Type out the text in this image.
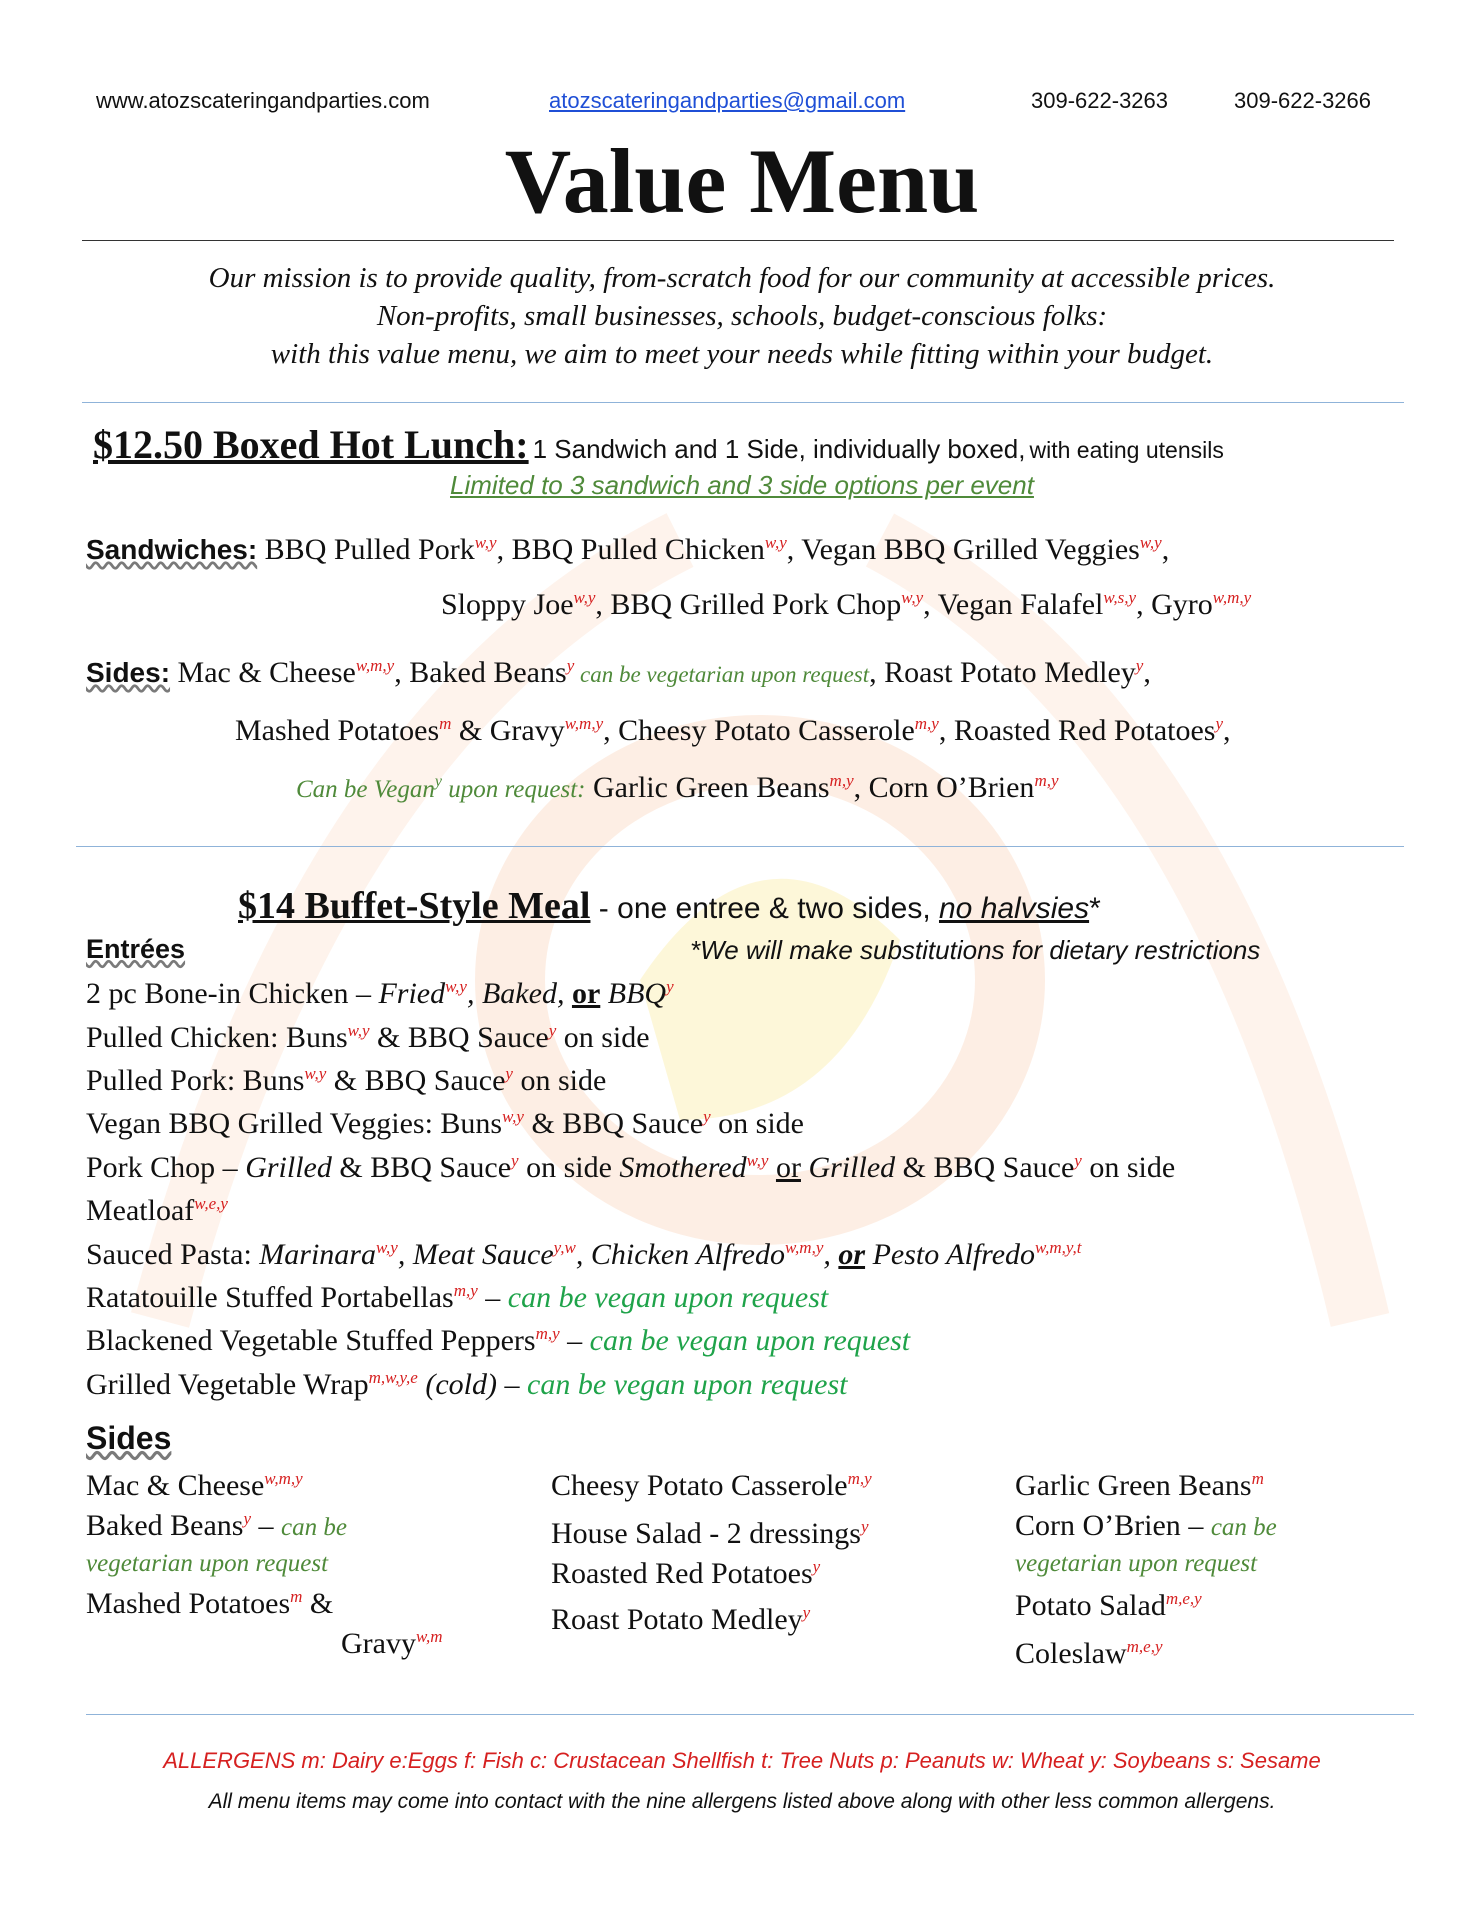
www.atozscateringandparties.com	atozscateringandparties@gmail.com	309-622-3263	309-622-3266
Value Menu
Our mission is to provide quality, from-scratch food for our community at accessible prices.
Non-profits, small businesses, schools, budget-conscious folks:
with this value menu, we aim to meet your needs while fitting within your budget.
$12.50 Boxed Hot Lunch: 1 Sandwich and 1 Side, individually boxed, with eating utensils
Limited to 3 sandwich and 3 side options per event
Sandwiches: BBQ Pulled Pork$^{w,y}$, BBQ Pulled Chicken$^{w,y}$, Vegan BBQ Grilled Veggies$^{w,y}$,
Sloppy Joe$^{w,y}$, BBQ Grilled Pork Chop$^{w,y}$, Vegan Falafel$^{w,s,y}$, Gyro$^{w,m,y}$
Sides: Mac & Cheese$^{w,m,y}$, Baked Beans$^y$ can be vegetarian upon request, Roast Potato Medley$^y$,
Mashed Potatoes$^m$ & Gravy$^{w,m,y}$, Cheesy Potato Casserole$^{m,y}$, Roasted Red Potatoes$^y$,
Can be Vegan$^y$ upon request: Garlic Green Beans$^{m,y}$, Corn O’Brien$^{m,y}$
$14 Buffet-Style Meal - one entree & two sides, no halvsies*
Entrées	*We will make substitutions for dietary restrictions
2 pc Bone-in Chicken – Fried$^{w,y}$, Baked, or BBQ$^y$
Pulled Chicken: Buns$^{w,y}$ & BBQ Sauce$^y$ on side
Pulled Pork: Buns$^{w,y}$ & BBQ Sauce$^y$ on side
Vegan BBQ Grilled Veggies: Buns$^{w,y}$ & BBQ Sauce$^y$ on side
Pork Chop – Grilled & BBQ Sauce$^y$ on side Smothered$^{w,y}$ or Grilled & BBQ Sauce$^y$ on side
Meatloaf$^{w,e,y}$
Sauced Pasta: Marinara$^{w,y}$, Meat Sauce$^{y,w}$, Chicken Alfredo$^{w,m,y}$, or Pesto Alfredo$^{w,m,y,t}$
Ratatouille Stuffed Portabellas$^{m,y}$ – can be vegan upon request
Blackened Vegetable Stuffed Peppers$^{m,y}$ – can be vegan upon request
Grilled Vegetable Wrap$^{m,w,y,e}$ (cold) – can be vegan upon request
Sides
Mac & Cheese$^{w,m,y}$
Baked Beans$^y$ – can be
vegetarian upon request
Mashed Potatoes$^m$ &
Gravy$^{w,m}$
Cheesy Potato Casserole$^{m,y}$
House Salad - 2 dressings$^y$
Roasted Red Potatoes$^y$
Roast Potato Medley$^y$
Garlic Green Beans$^m$
Corn O’Brien – can be
vegetarian upon request
Potato Salad$^{m,e,y}$
Coleslaw$^{m,e,y}$
ALLERGENS m: Dairy e:Eggs f: Fish c: Crustacean Shellfish t: Tree Nuts p: Peanuts w: Wheat y: Soybeans s: Sesame
All menu items may come into contact with the nine allergens listed above along with other less common allergens.
